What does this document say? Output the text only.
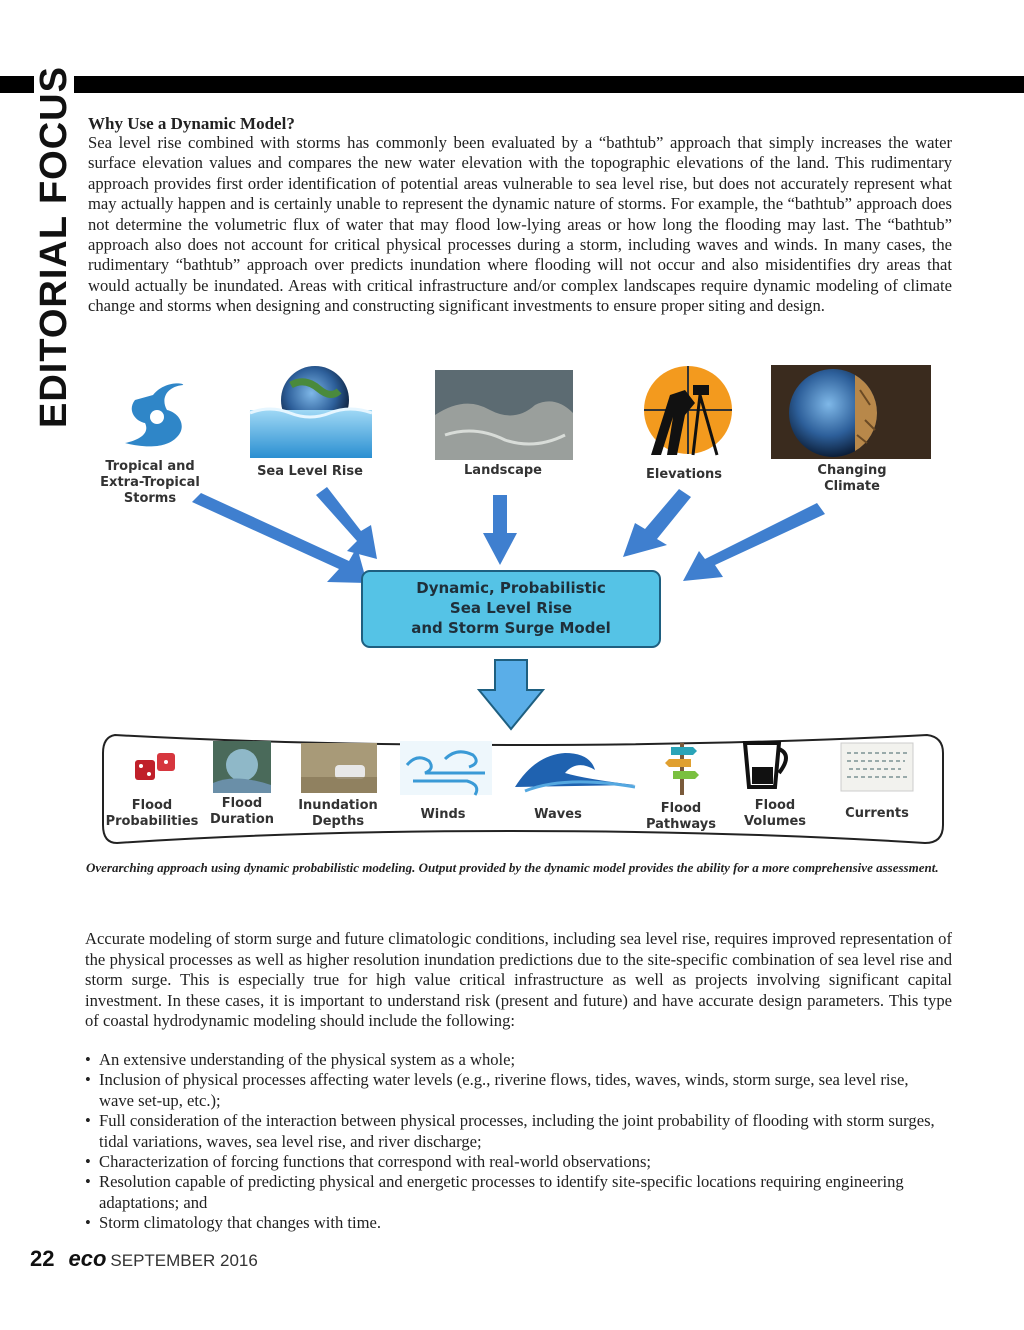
EDITORIAL FOCUS Why Use a Dynamic Model?

Sea level rise combined with storms has commonly been evaluated by a “bathtub” approach that simply increases the water surface elevation values and compares the new water elevation with the topographic elevations of the land. This rudimentary approach provides first order identification of potential areas vulnerable to sea level rise, but does not accurately represent what may actually happen and is certainly unable to represent the dynamic nature of storms. For example, the “bathtub” approach does not determine the volumetric flux of water that may flood low-lying areas or how long the flooding may last. The “bathtub” approach also does not account for critical physical processes during a storm, including waves and winds. In many cases, the rudimentary “bathtub” approach over predicts inundation where flooding will not occur and also misidentifies dry areas that would actually be inundated. Areas with critical infrastructure and/or complex landscapes require dynamic modeling of climate change and storms when designing and constructing significant investments to ensure proper siting and design.

Tropical and Extra-Tropical Storms
Sea Level Rise	Landscape	Elevations	Changing Climate
Dynamic, Probabilistic Sea Level Rise and Storm Surge Model
Flood Probabilities
Flood Duration
Inundation Depths	Winds	Waves	Flood Pathways
Flood Volumes
Currents

Overarching approach using dynamic probabilistic modeling. Output provided by the dynamic model provides the ability for a more comprehensive assessment.

Accurate modeling of storm surge and future climatologic conditions, including sea level rise, requires improved representation of the physical processes as well as higher resolution inundation predictions due to the site-specific combination of sea level rise and storm surge. This is especially true for high value critical infrastructure as well as projects involving significant capital investment. In these cases, it is important to understand risk (present and future) and have accurate design parameters. This type of coastal hydrodynamic modeling should include the following:

• An extensive understanding of the physical system as a whole;
• Inclusion of physical processes affecting water levels (e.g., riverine flows, tides, waves, winds, storm surge, sea level rise, wave set-up, etc.);
• Full consideration of the interaction between physical processes, including the joint probability of flooding with storm surges, tidal variations, waves, sea level rise, and river discharge;
• Characterization of forcing functions that correspond with real-world observations;
• Resolution capable of predicting physical and energetic processes to identify site-specific locations requiring engineering adaptations; and
• Storm climatology that changes with time.
22 eco SEPTEMBER 2016
